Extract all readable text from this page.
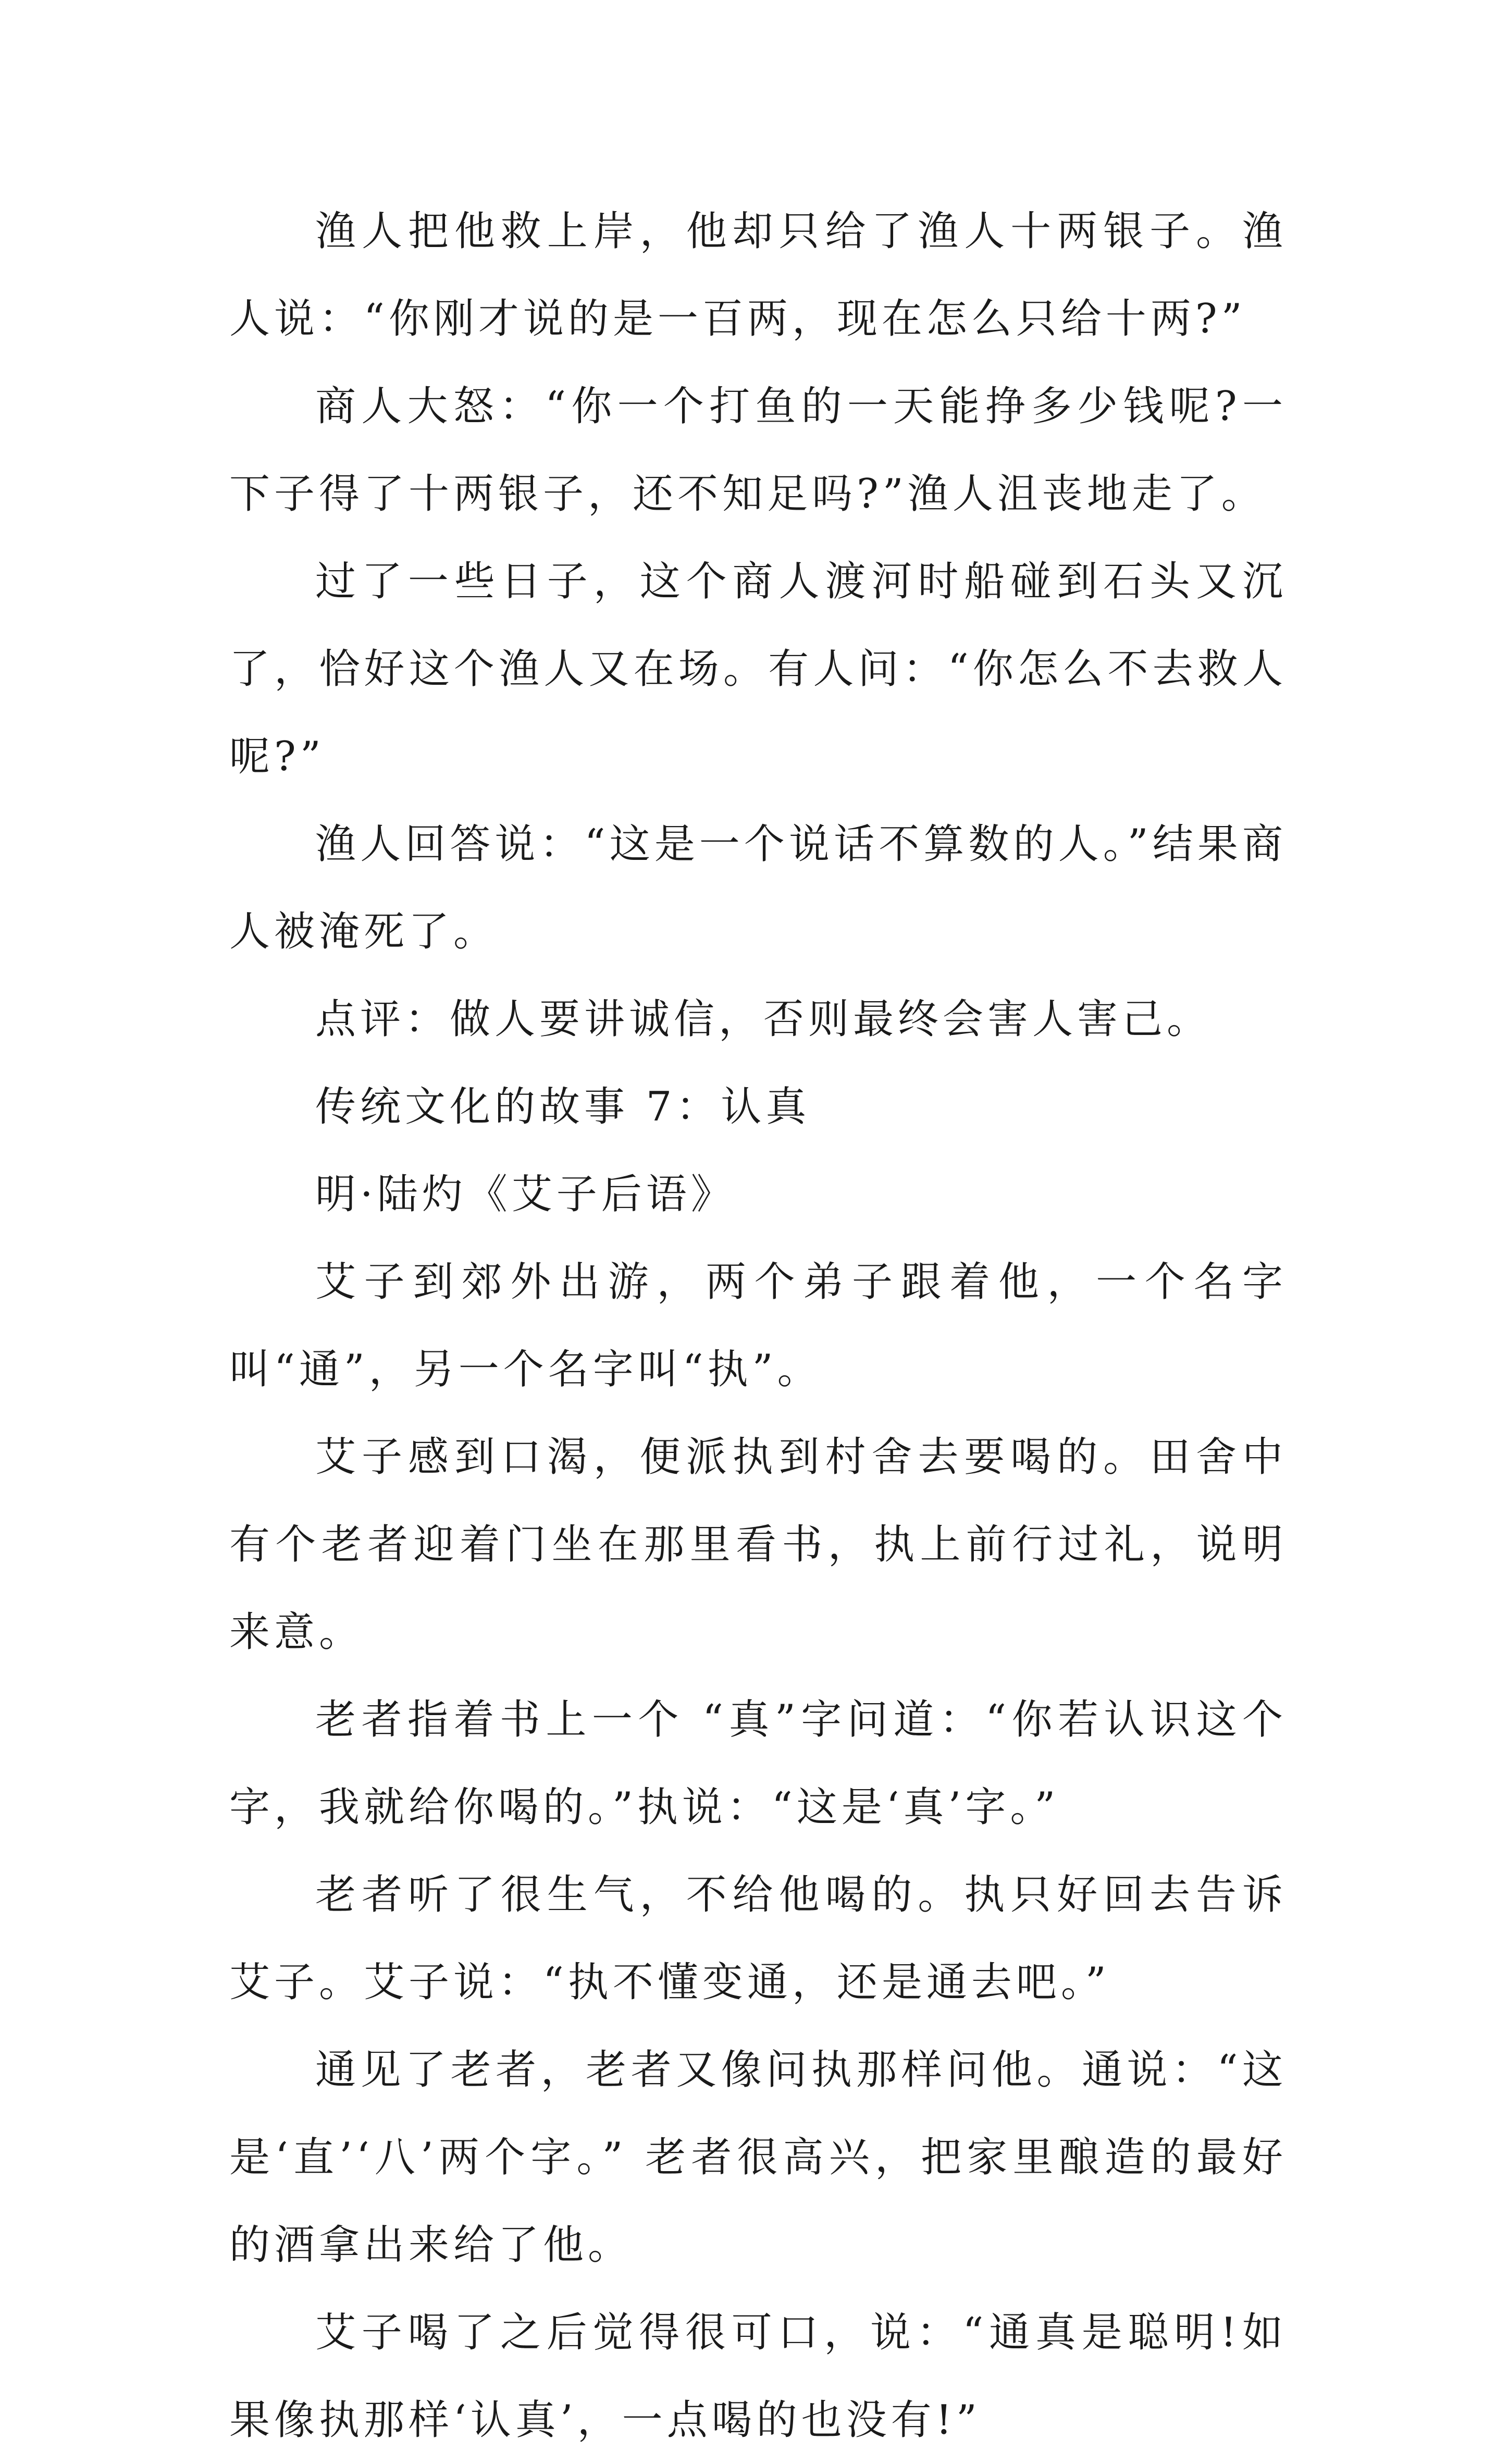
渔人把他救上岸，他却只给了渔人十两银子。渔人说：“你刚才说的是一百两，现在怎么只给十两?”

商人大怒：“你一个打鱼的一天能挣多少钱呢?一下子得了十两银子，还不知足吗?”渔人沮丧地走了。

过了一些日子，这个商人渡河时船碰到石头又沉了，恰好这个渔人又在场。有人问：“你怎么不去救人呢?”

渔人回答说：“这是一个说话不算数的人。”结果商人被淹死了。

点评：做人要讲诚信，否则最终会害人害己。

传统文化的故事 7：认真

明·陆灼《艾子后语》

艾子到郊外出游，两个弟子跟着他，一个名字叫“通”，另一个名字叫“执”。

艾子感到口渴，便派执到村舍去要喝的。田舍中有个老者迎着门坐在那里看书，执上前行过礼，说明来意。

老者指着书上一个 “真”字问道：“你若认识这个字，我就给你喝的。”执说：“这是‘真’字。”

老者听了很生气，不给他喝的。执只好回去告诉艾子。艾子说：“执不懂变通，还是通去吧。”

通见了老者，老者又像问执那样问他。通说：“这是‘直’‘八’两个字。” 老者很高兴，把家里酿造的最好的酒拿出来给了他。

艾子喝了之后觉得很可口，说：“通真是聪明!如果像执那样‘认真’，一点喝的也没有!”
